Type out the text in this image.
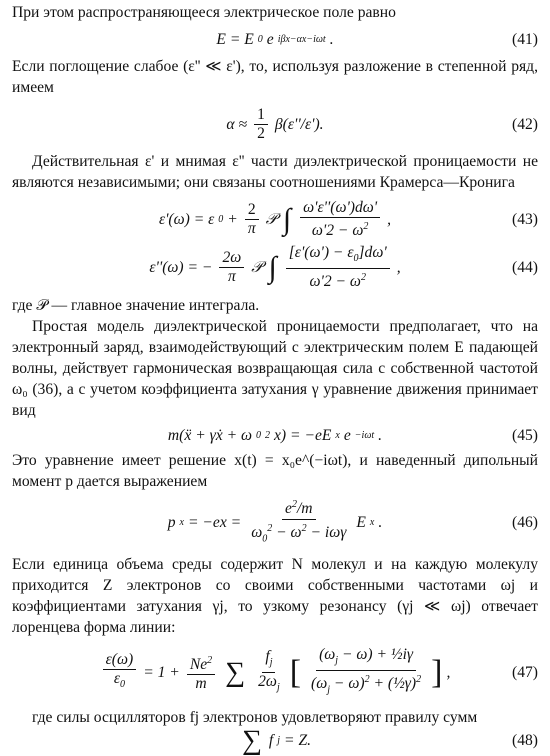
При этом распространяющееся электрическое поле равно

E = E 0 e iβx−αx−iωt .	(41)

Если поглощение слабое (ε'' ≪ ε'), то, используя разложение в степенной ряд, имеем

$\alpha \approx \frac{1}{2} \beta(\varepsilon''/\varepsilon')$.	(42)

Действительная ε' и мнимая ε'' части диэлектрической проницаемости не являются независимыми; они связаны соотношениями Крамерса—Кронига

ε'(ω) = ε $0 + \frac{2}{\pi}$ 𝒫 ∫ $\frac{\omega'\varepsilon''(\omega')d\omega'}{\omega'2 - \omega^2}$ ,	(43)
ε''(ω) = − $\frac{2\omega}{\pi}$ 𝒫 ∫ $\frac{[\varepsilon'(\omega') - \varepsilon_0]d\omega'}{\omega'2 - \omega^2}$ ,	(44)

где 𝒫 — главное значение интеграла.

Простая модель диэлектрической проницаемости предполагает, что на электронный заряд, взаимодействующий с электрическим полем E падающей волны, действует гармоническая возвращающая сила с собственной частотой ω₀ (36), а с учетом коэффициента затухания γ уравнение движения принимает вид

m(ẍ + γẋ + ω 0 2 x) = −eE x e −iωt .	(45)

Это уравнение имеет решение x(t) = x₀e^(−iωt), и наведенный дипольный момент p дается выражением

p $x = -ex = \frac{e^2/m}{\omega_0^2 - \omega^2 - i\omega\gamma}$ E x .	(46)

Если единица объема среды содержит N молекул и на каждую молекулу приходится Z электронов со своими собственными частотами ωj и коэффициентами затухания γj, то узкому резонансу (γj ≪ ωj) отвечает лоренцева форма линии:

$\frac{\varepsilon(\omega)}{\varepsilon_0} = 1 + \frac{Ne^2}{m}$ ∑ $\frac{f_j}{2\omega_j}$ [ $\frac{(\omega_j - \omega) + \frac{1}{2}i\gamma}{(\omega_j - \omega)^2 + (\frac{1}{2}\gamma)^2}$ ] ,	(47)

где силы осцилляторов fj электронов удовлетворяют правилу сумм

∑ f j = Z.	(48)
